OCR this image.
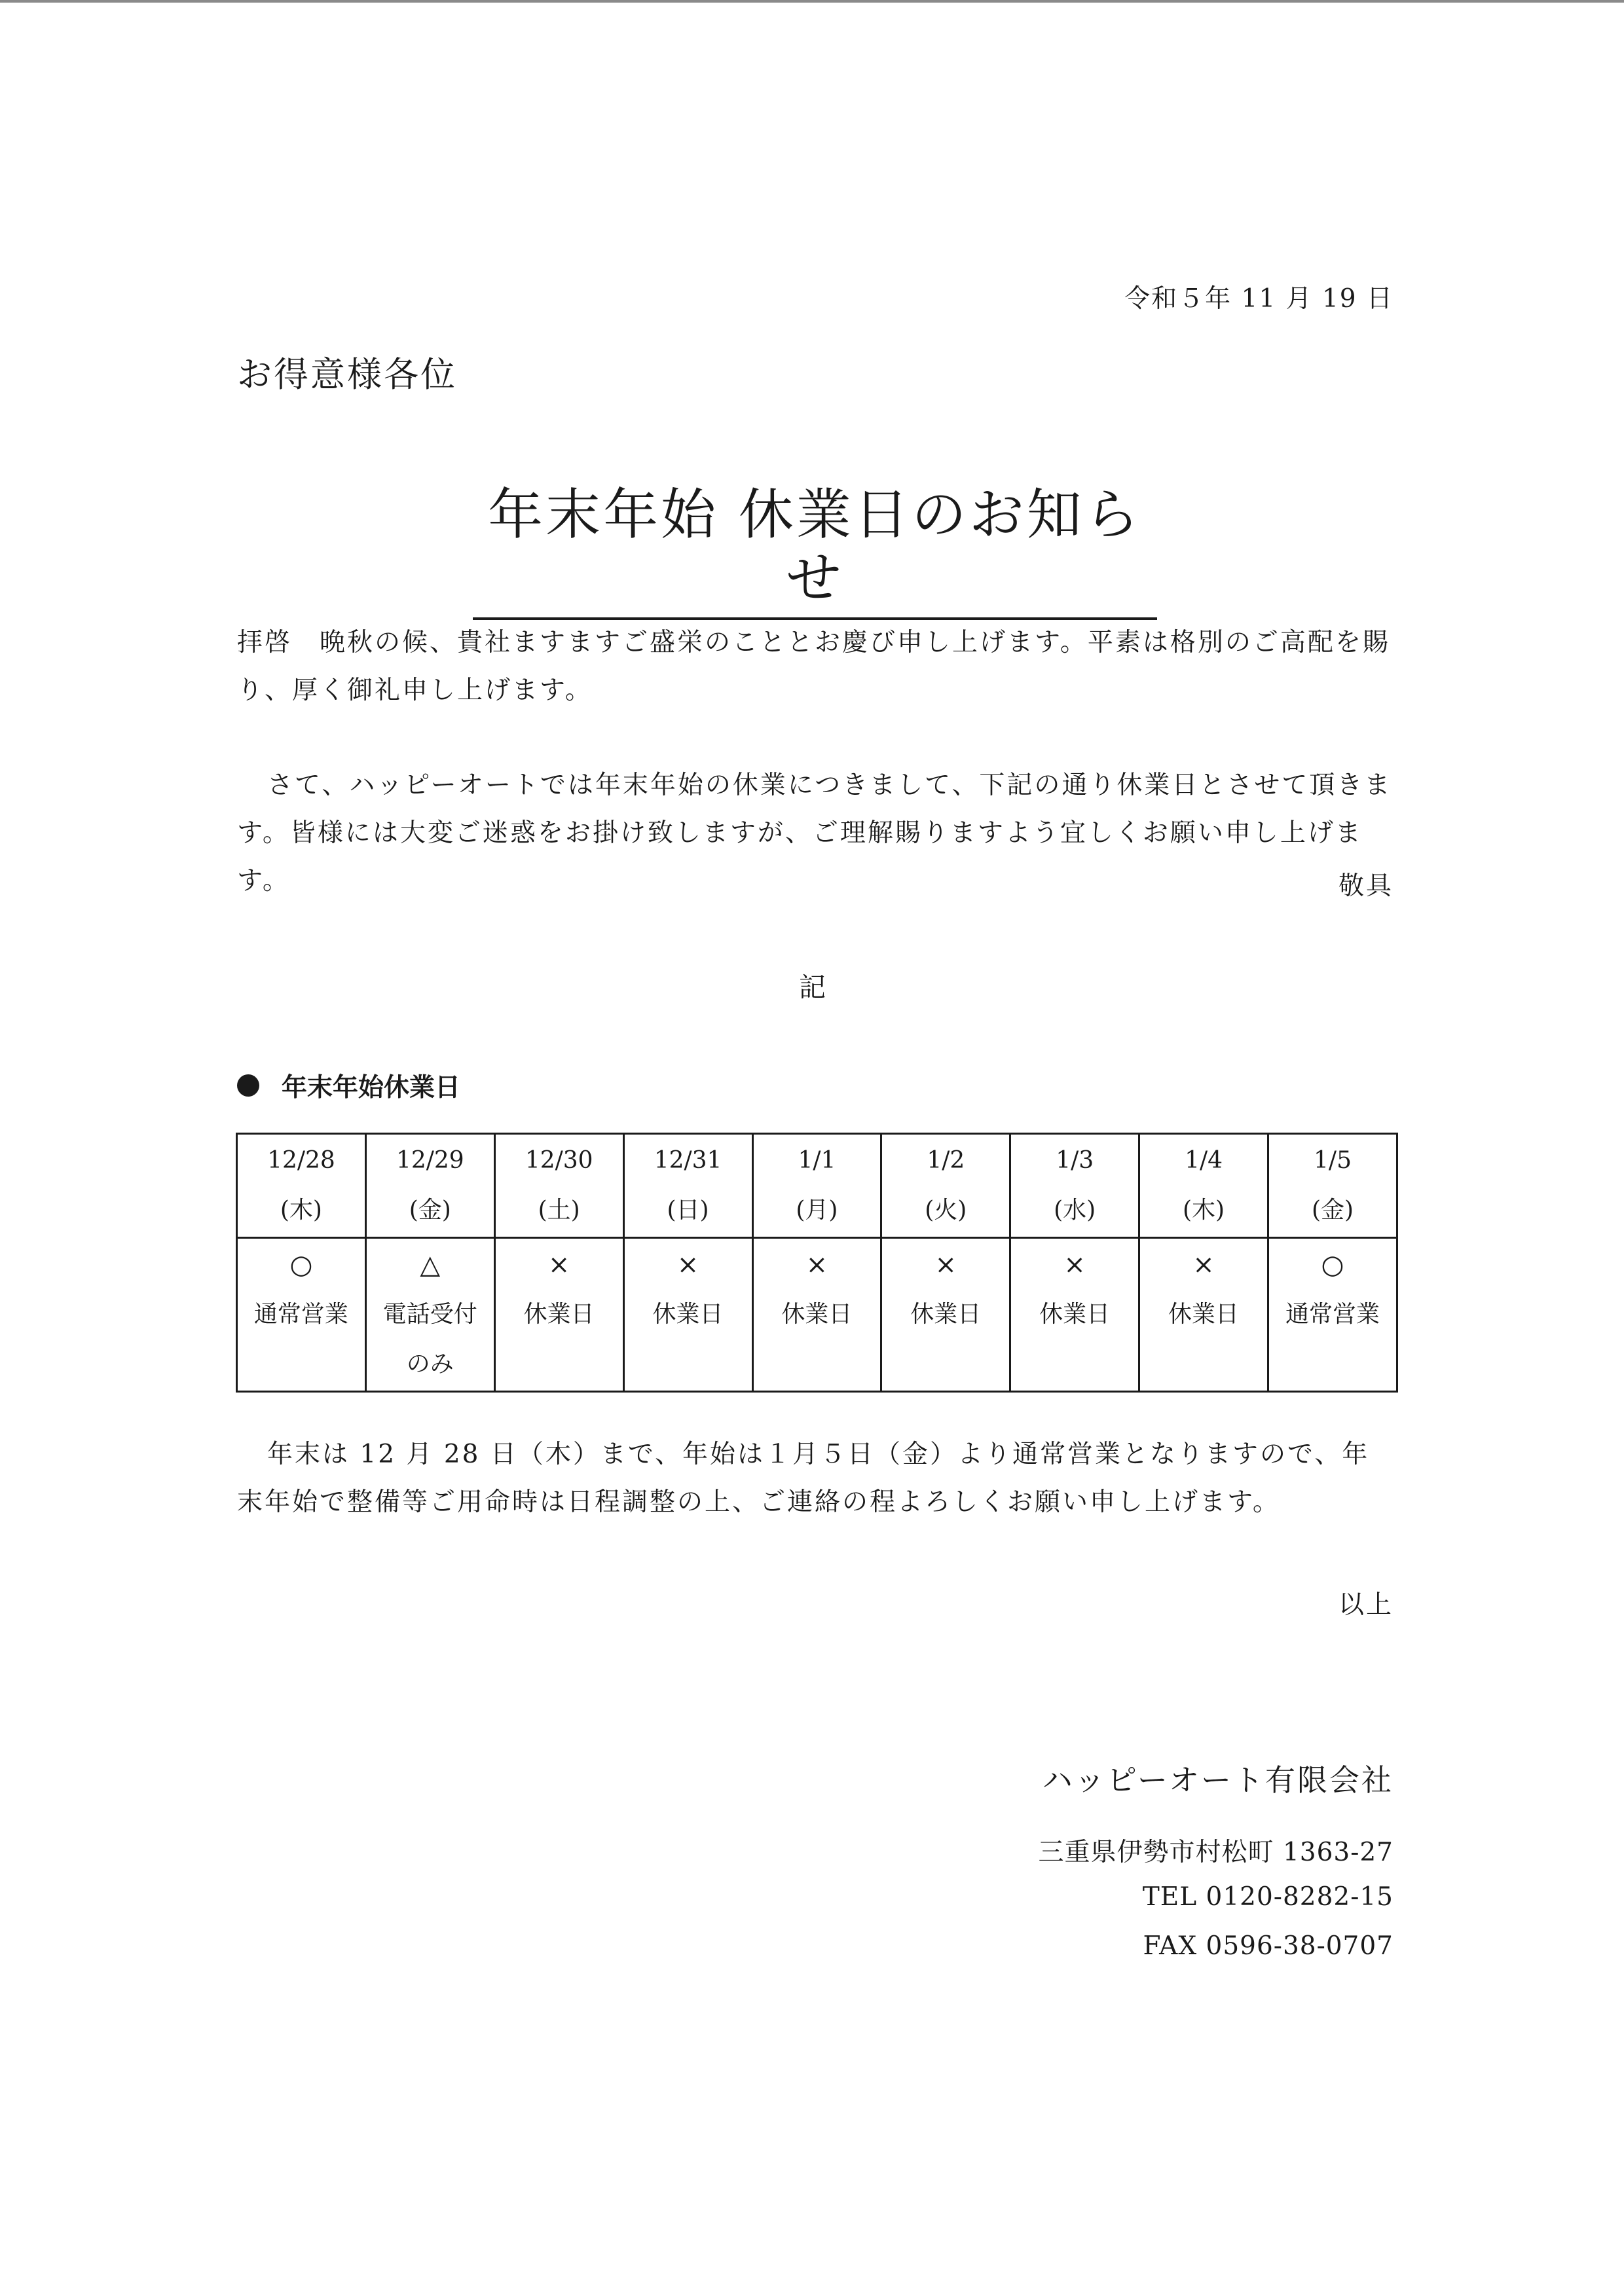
令和５年 11 月 19 日
お得意様各位
年末年始 休業日のお知らせ

拝啓　晩秋の候、貴社ますますご盛栄のこととお慶び申し上げます。平素は格別のご高配を賜り、厚く御礼申し上げます。

さて、ハッピーオートでは年末年始の休業につきまして、下記の通り休業日とさせて頂きます。皆様には大変ご迷惑をお掛け致しますが、ご理解賜りますよう宜しくお願い申し上げます。	敬具
記
年末年始休業日
12/28
(木)	12/29
(金)	12/30
(土)	12/31
(日)	1/1
(月)	1/2
(火)	1/3
(水)	1/4
(木)	1/5
(金)

○
通常営業	△
電話受付
のみ	×
休業日	×
休業日	×
休業日	×
休業日	×
休業日	×
休業日	○
通常営業

年末は 12 月 28 日（木）まで、年始は１月５日（金）より通常営業となりますので、年末年始で整備等ご用命時は日程調整の上、ご連絡の程よろしくお願い申し上げます。

以上
ハッピーオート有限会社
三重県伊勢市村松町 1363-27
TEL 0120-8282-15
FAX 0596-38-0707
